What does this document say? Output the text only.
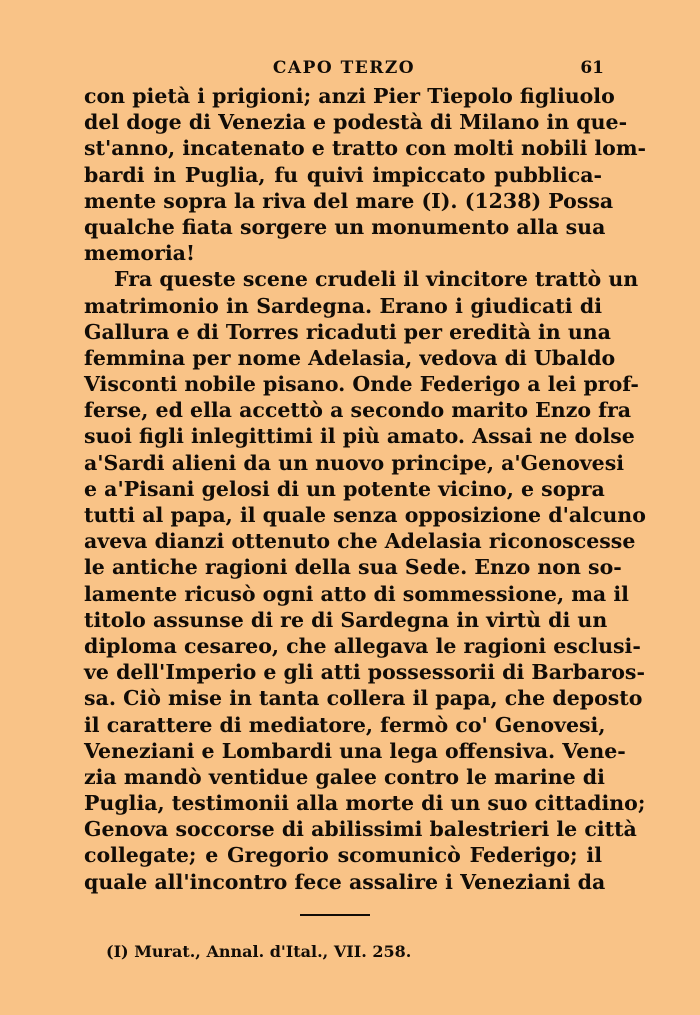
CAPO TERZO	61
con pietà i prigioni; anzi Pier Tiepolo figliuolo
del doge di Venezia e podestà di Milano in que-
st'anno, incatenato e tratto con molti nobili lom-
bardi in Puglia, fu quivi impiccato pubblica-
mente sopra la riva del mare (I). (1238) Possa
qualche fiata sorgere un monumento alla sua
memoria!
Fra queste scene crudeli il vincitore trattò un
matrimonio in Sardegna. Erano i giudicati di
Gallura e di Torres ricaduti per eredità in una
femmina per nome Adelasia, vedova di Ubaldo
Visconti nobile pisano. Onde Federigo a lei prof-
ferse, ed ella accettò a secondo marito Enzo fra
suoi figli inlegittimi il più amato. Assai ne dolse
a'Sardi alieni da un nuovo principe, a'Genovesi
e a'Pisani gelosi di un potente vicino, e sopra
tutti al papa, il quale senza opposizione d'alcuno
aveva dianzi ottenuto che Adelasia riconoscesse
le antiche ragioni della sua Sede. Enzo non so-
lamente ricusò ogni atto di sommessione, ma il
titolo assunse di re di Sardegna in virtù di un
diploma cesareo, che allegava le ragioni esclusi-
ve dell'Imperio e gli atti possessorii di Barbaros-
sa. Ciò mise in tanta collera il papa, che deposto
il carattere di mediatore, fermò co' Genovesi,
Veneziani e Lombardi una lega offensiva. Vene-
zia mandò ventidue galee contro le marine di
Puglia, testimonii alla morte di un suo cittadino;
Genova soccorse di abilissimi balestrieri le città
collegate; e Gregorio scomunicò Federigo; il
quale all'incontro fece assalire i Veneziani da
(I) Murat., Annal. d'Ital., VII. 258.
